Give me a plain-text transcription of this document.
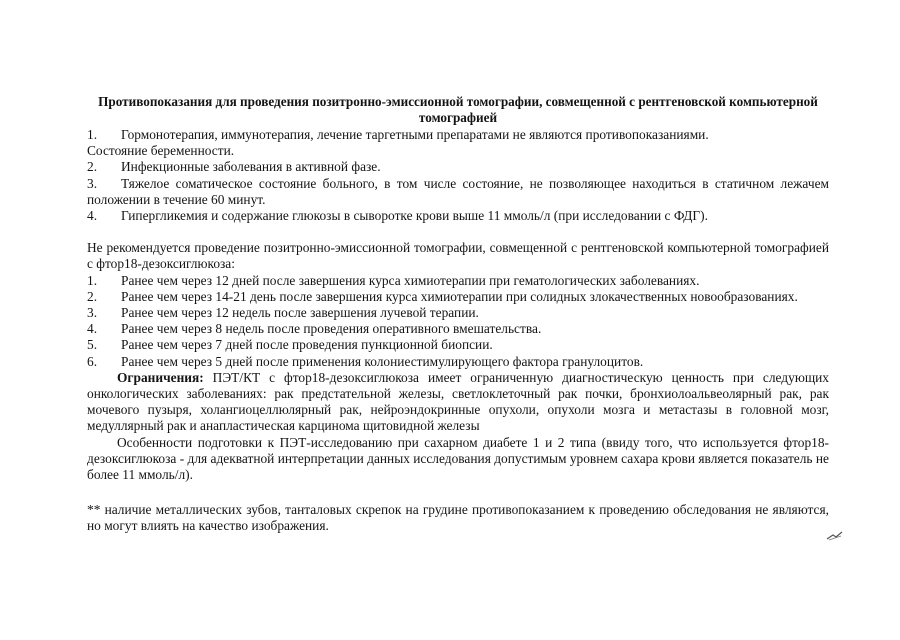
Противопоказания для проведения позитронно-эмиссионной томографии, совмещенной с рентгеновской компьютерной томографией
1.	Гормонотерапия, иммунотерапия, лечение таргетными препаратами не являются противопоказаниями.
Состояние беременности.
2.	Инфекционные заболевания в активной фазе.
3. Тяжелое соматическое состояние больного, в том числе состояние, не позволяющее находиться в статичном лежачем положении в течение 60 минут.
4.	Гипергликемия и содержание глюкозы в сыворотке крови выше 11 ммоль/л (при исследовании с ФДГ).

Не рекомендуется проведение позитронно-эмиссионной томографии, совмещенной с рентгеновской компьютерной томографией с фтор18-дезоксиглюкоза:

1.	Ранее чем через 12 дней после завершения курса химиотерапии при гематологических заболеваниях.
2. Ранее чем через 14-21 день после завершения курса химиотерапии при солидных злокачественных новообразованиях.
3.	Ранее чем через 12 недель после завершения лучевой терапии.
4.	Ранее чем через 8 недель после проведения оперативного вмешательства.
5.	Ранее чем через 7 дней после проведения пункционной биопсии.
6.	Ранее чем через 5 дней после применения колониестимулирующего фактора гранулоцитов.

Ограничения: ПЭТ/КТ с фтор18-дезоксиглюкоза имеет ограниченную диагностическую ценность при следующих онкологических заболеваниях: рак предстательной железы, светлоклеточный рак почки, бронхиолоальвеолярный рак, рак мочевого пузыря, холангиоцеллюлярный рак, нейроэндокринные опухоли, опухоли мозга и метастазы в головной мозг, медуллярный рак и анапластическая карцинома щитовидной железы

Особенности подготовки к ПЭТ-исследованию при сахарном диабете 1 и 2 типа (ввиду того, что используется фтор18-дезоксиглюкоза - для адекватной интерпретации данных исследования допустимым уровнем сахара крови является показатель не более 11 ммоль/л).

** наличие металлических зубов, танталовых скрепок на грудине противопоказанием к проведению обследования не являются, но могут влиять на качество изображения.
